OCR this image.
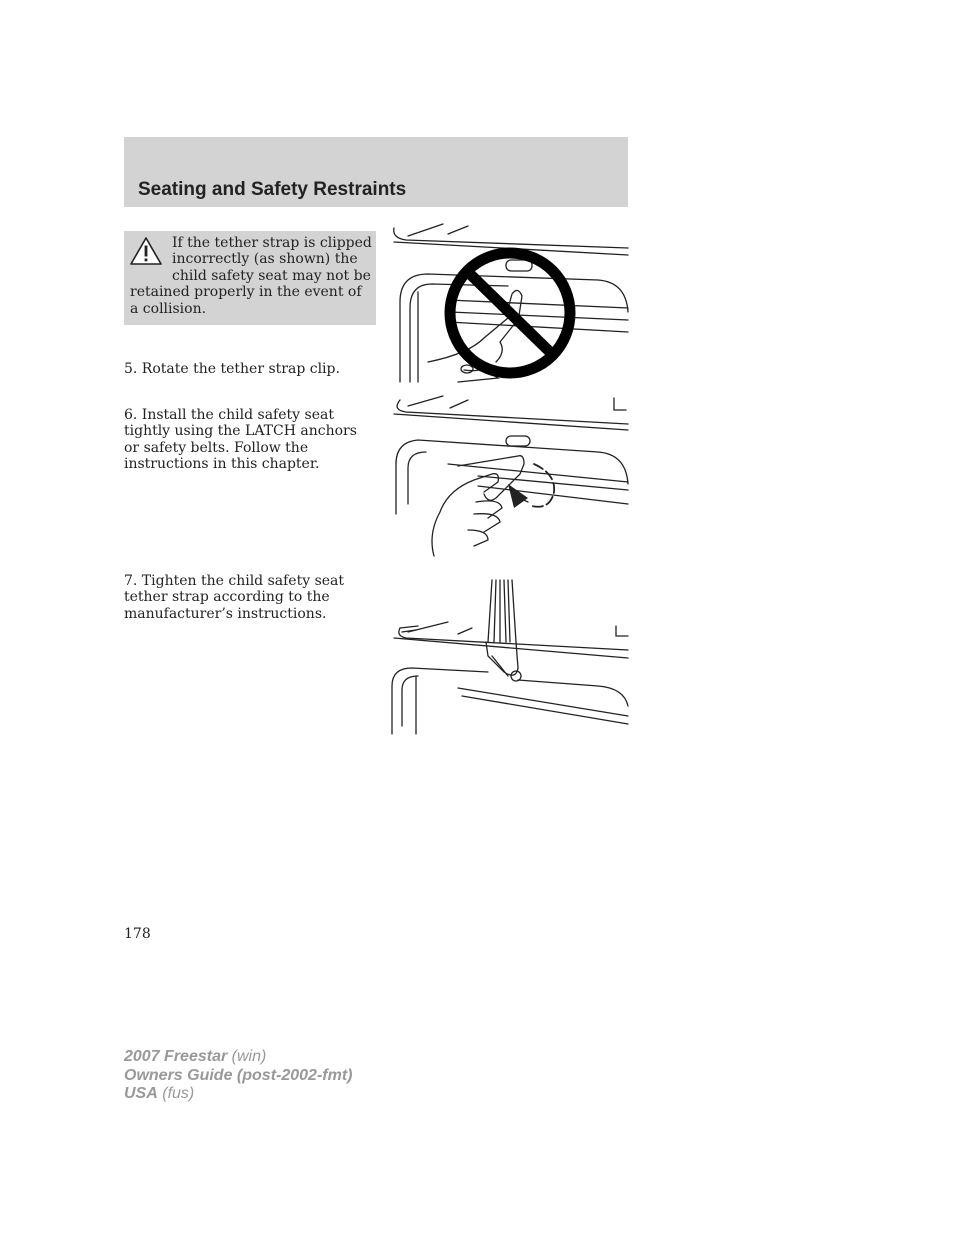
Seating and Safety Restraints
If the tether strap is clipped incorrectly (as shown) the child safety seat may not be retained properly in the event of a collision.
5. Rotate the tether strap clip.
6. Install the child safety seat tightly using the LATCH anchors or safety belts. Follow the instructions in this chapter.
7. Tighten the child safety seat tether strap according to the manufacturer’s instructions.
178
2007 Freestar (win)
Owners Guide (post-2002-fmt)
USA (fus)
